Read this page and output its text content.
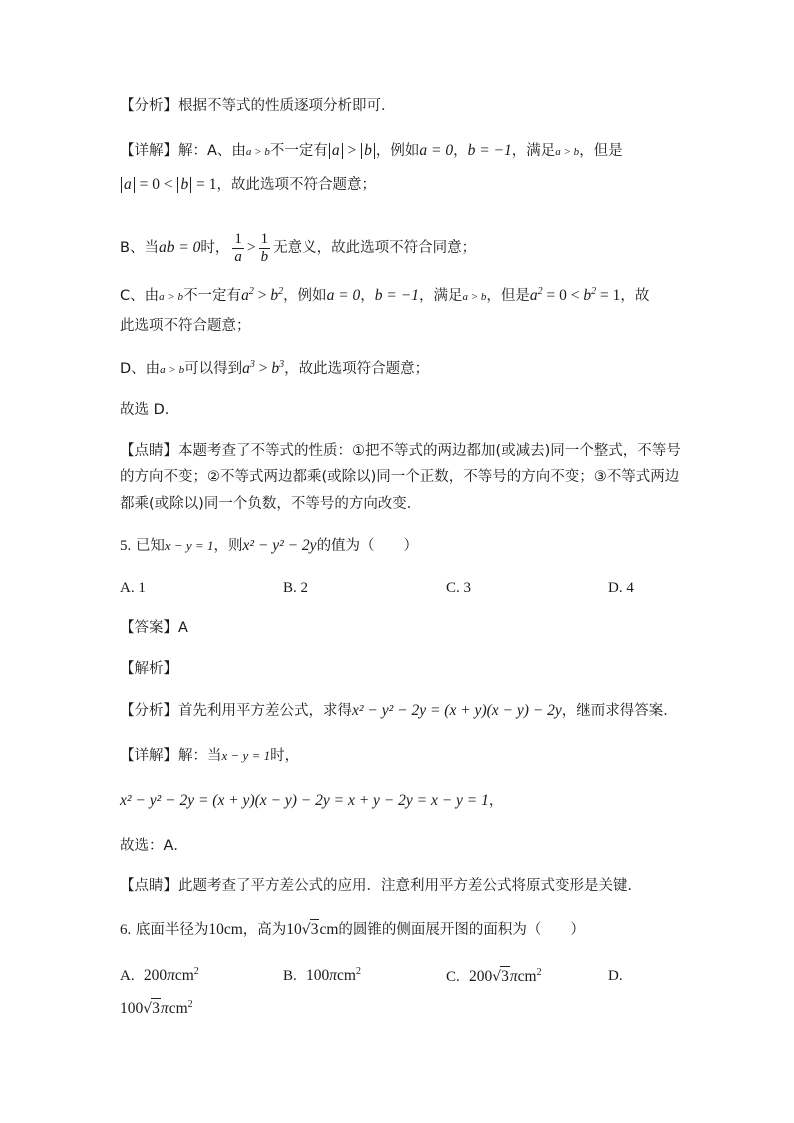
【分析】根据不等式的性质逐项分析即可．
【详解】解：A、由a > b不一定有 a > b ，例如a = 0，b = −1，满足a > b，但是
a = 0 < b = 1，故此选项不符合题意；
B、当ab = 0时， $\frac{1}{a} > \frac{1}{b}$ 无意义，故此选项不符合同意；
C、由a > b不一定有$a^2 > b^2$，例如a = 0，b = −1，满足a > b，但是$a^2 = 0 < b^2 = 1$，故
此选项不符合题意；
D、由a > b可以得到$a^3 > b^3$，故此选项符合题意；
故选 D．
【点睛】本题考查了不等式的性质：①把不等式的两边都加(或减去)同一个整式，不等号
的方向不变；②不等式两边都乘(或除以)同一个正数，不等号的方向不变；③不等式两边
都乘(或除以)同一个负数，不等号的方向改变．
5. 已知x − y = 1，则x² − y² − 2y的值为（　　）
A. 1	B. 2	C. 3	D. 4
【答案】A
【解析】
【分析】首先利用平方差公式，求得x² − y² − 2y = (x + y)(x − y) − 2y，继而求得答案．
【详解】解：当x − y = 1时，
x² − y² − 2y = (x + y)(x − y) − 2y = x + y − 2y = x − y = 1，
故选：A．
【点睛】此题考查了平方差公式的应用．注意利用平方差公式将原式变形是关键．
6. 底面半径为10cm，高为10√3cm的圆锥的侧面展开图的面积为（　　）
A. 200πcm$^2$	B. 100πcm$^2$	C. 200√3πcm$^2$	D.
100√3πcm$^2$
